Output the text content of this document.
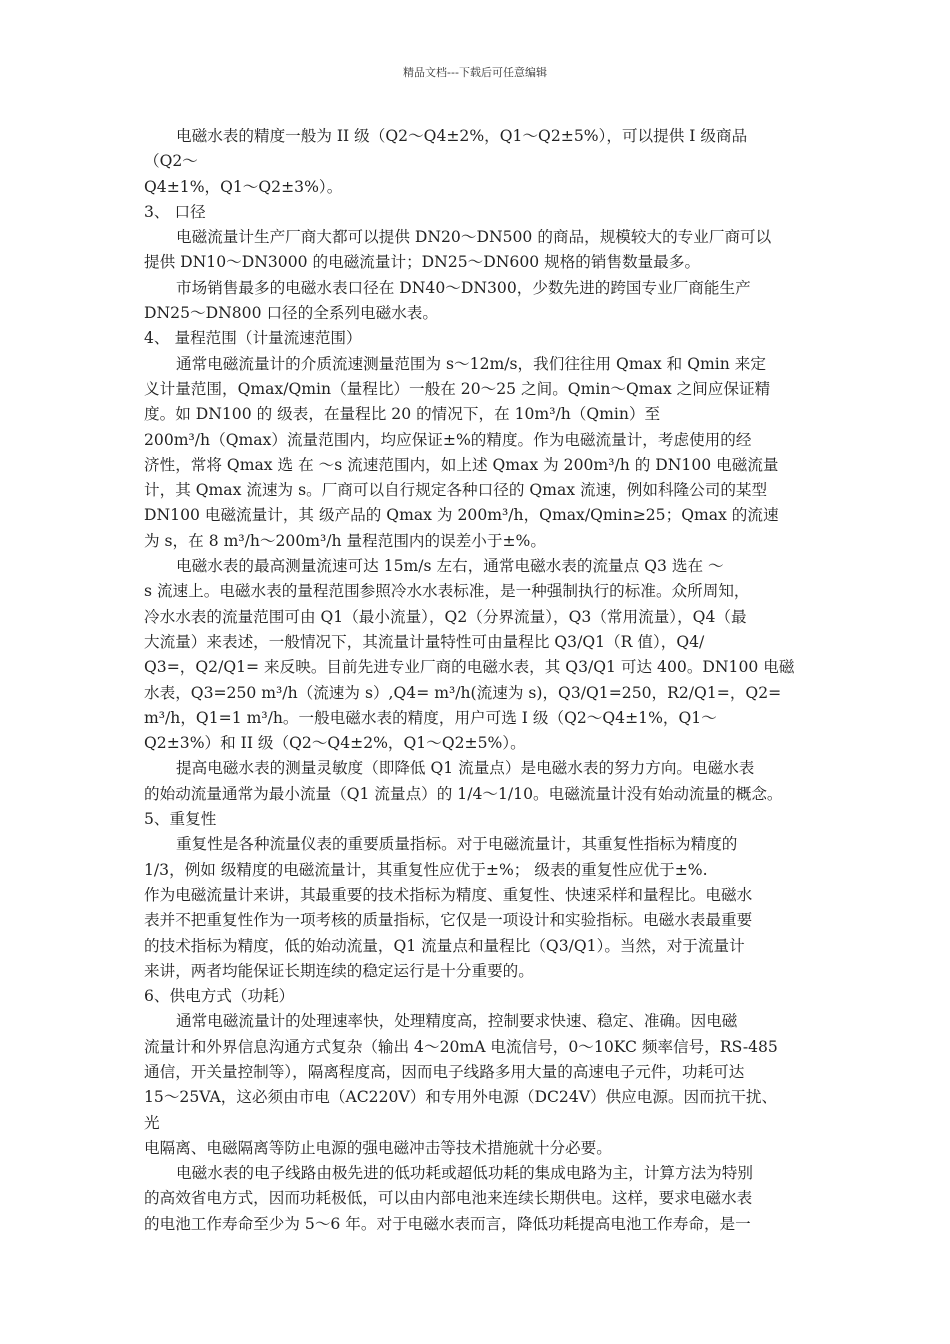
精品文档---下载后可任意编辑
电磁水表的精度一般为 II 级（Q2～Q4±2%，Q1～Q2±5%），可以提供 I 级商品
（Q2～
Q4±1%，Q1～Q2±3%）。
3、 口径
电磁流量计生产厂商大都可以提供 DN20～DN500 的商品，规模较大的专业厂商可以
提供 DN10～DN3000 的电磁流量计；DN25～DN600 规格的销售数量最多。
市场销售最多的电磁水表口径在 DN40～DN300，少数先进的跨国专业厂商能生产
DN25～DN800 口径的全系列电磁水表。
4、 量程范围（计量流速范围）
通常电磁流量计的介质流速测量范围为 s～12m/s，我们往往用 Qmax 和 Qmin 来定
义计量范围，Qmax/Qmin（量程比）一般在 20～25 之间。Qmin～Qmax 之间应保证精
度。如 DN100 的 级表，在量程比 20 的情况下，在 10m³/h（Qmin）至
200m³/h（Qmax）流量范围内，均应保证±%的精度。作为电磁流量计，考虑使用的经
济性，常将 Qmax 选 在 ～s 流速范围内，如上述 Qmax 为 200m³/h 的 DN100 电磁流量
计，其 Qmax 流速为 s。厂商可以自行规定各种口径的 Qmax 流速，例如科隆公司的某型
DN100 电磁流量计，其 级产品的 Qmax 为 200m³/h，Qmax/Qmin≥25；Qmax 的流速
为 s，在 8 m³/h～200m³/h 量程范围内的误差小于±%。
电磁水表的最高测量流速可达 15m/s 左右，通常电磁水表的流量点 Q3 选在 ～
s 流速上。电磁水表的量程范围参照冷水水表标准，是一种强制执行的标准。众所周知，
冷水水表的流量范围可由 Q1（最小流量），Q2（分界流量），Q3（常用流量），Q4（最
大流量）来表述，一般情况下，其流量计量特性可由量程比 Q3/Q1（R 值），Q4/
Q3=，Q2/Q1= 来反映。目前先进专业厂商的电磁水表，其 Q3/Q1 可达 400。DN100 电磁
水表，Q3=250 m³/h（流速为 s）,Q4= m³/h(流速为 s)，Q3/Q1=250，R2/Q1=，Q2=
m³/h，Q1=1 m³/h。一般电磁水表的精度，用户可选 I 级（Q2～Q4±1%，Q1～
Q2±3%）和 II 级（Q2～Q4±2%，Q1～Q2±5%）。
提高电磁水表的测量灵敏度（即降低 Q1 流量点）是电磁水表的努力方向。电磁水表
的始动流量通常为最小流量（Q1 流量点）的 1/4～1/10。电磁流量计没有始动流量的概念。
5、重复性
重复性是各种流量仪表的重要质量指标。对于电磁流量计，其重复性指标为精度的
1/3，例如 级精度的电磁流量计，其重复性应优于±%； 级表的重复性应优于±%.
作为电磁流量计来讲，其最重要的技术指标为精度、重复性、快速采样和量程比。电磁水
表并不把重复性作为一项考核的质量指标，它仅是一项设计和实验指标。电磁水表最重要
的技术指标为精度，低的始动流量，Q1 流量点和量程比（Q3/Q1）。当然，对于流量计
来讲，两者均能保证长期连续的稳定运行是十分重要的。
6、供电方式（功耗）
通常电磁流量计的处理速率快，处理精度高，控制要求快速、稳定、准确。因电磁
流量计和外界信息沟通方式复杂（输出 4～20mA 电流信号，0～10KC 频率信号，RS-485
通信，开关量控制等），隔离程度高，因而电子线路多用大量的高速电子元件，功耗可达
15～25VA，这必须由市电（AC220V）和专用外电源（DC24V）供应电源。因而抗干扰、
光
电隔离、电磁隔离等防止电源的强电磁冲击等技术措施就十分必要。
电磁水表的电子线路由极先进的低功耗或超低功耗的集成电路为主，计算方法为特别
的高效省电方式，因而功耗极低，可以由内部电池来连续长期供电。这样，要求电磁水表
的电池工作寿命至少为 5～6 年。对于电磁水表而言，降低功耗提高电池工作寿命，是一
